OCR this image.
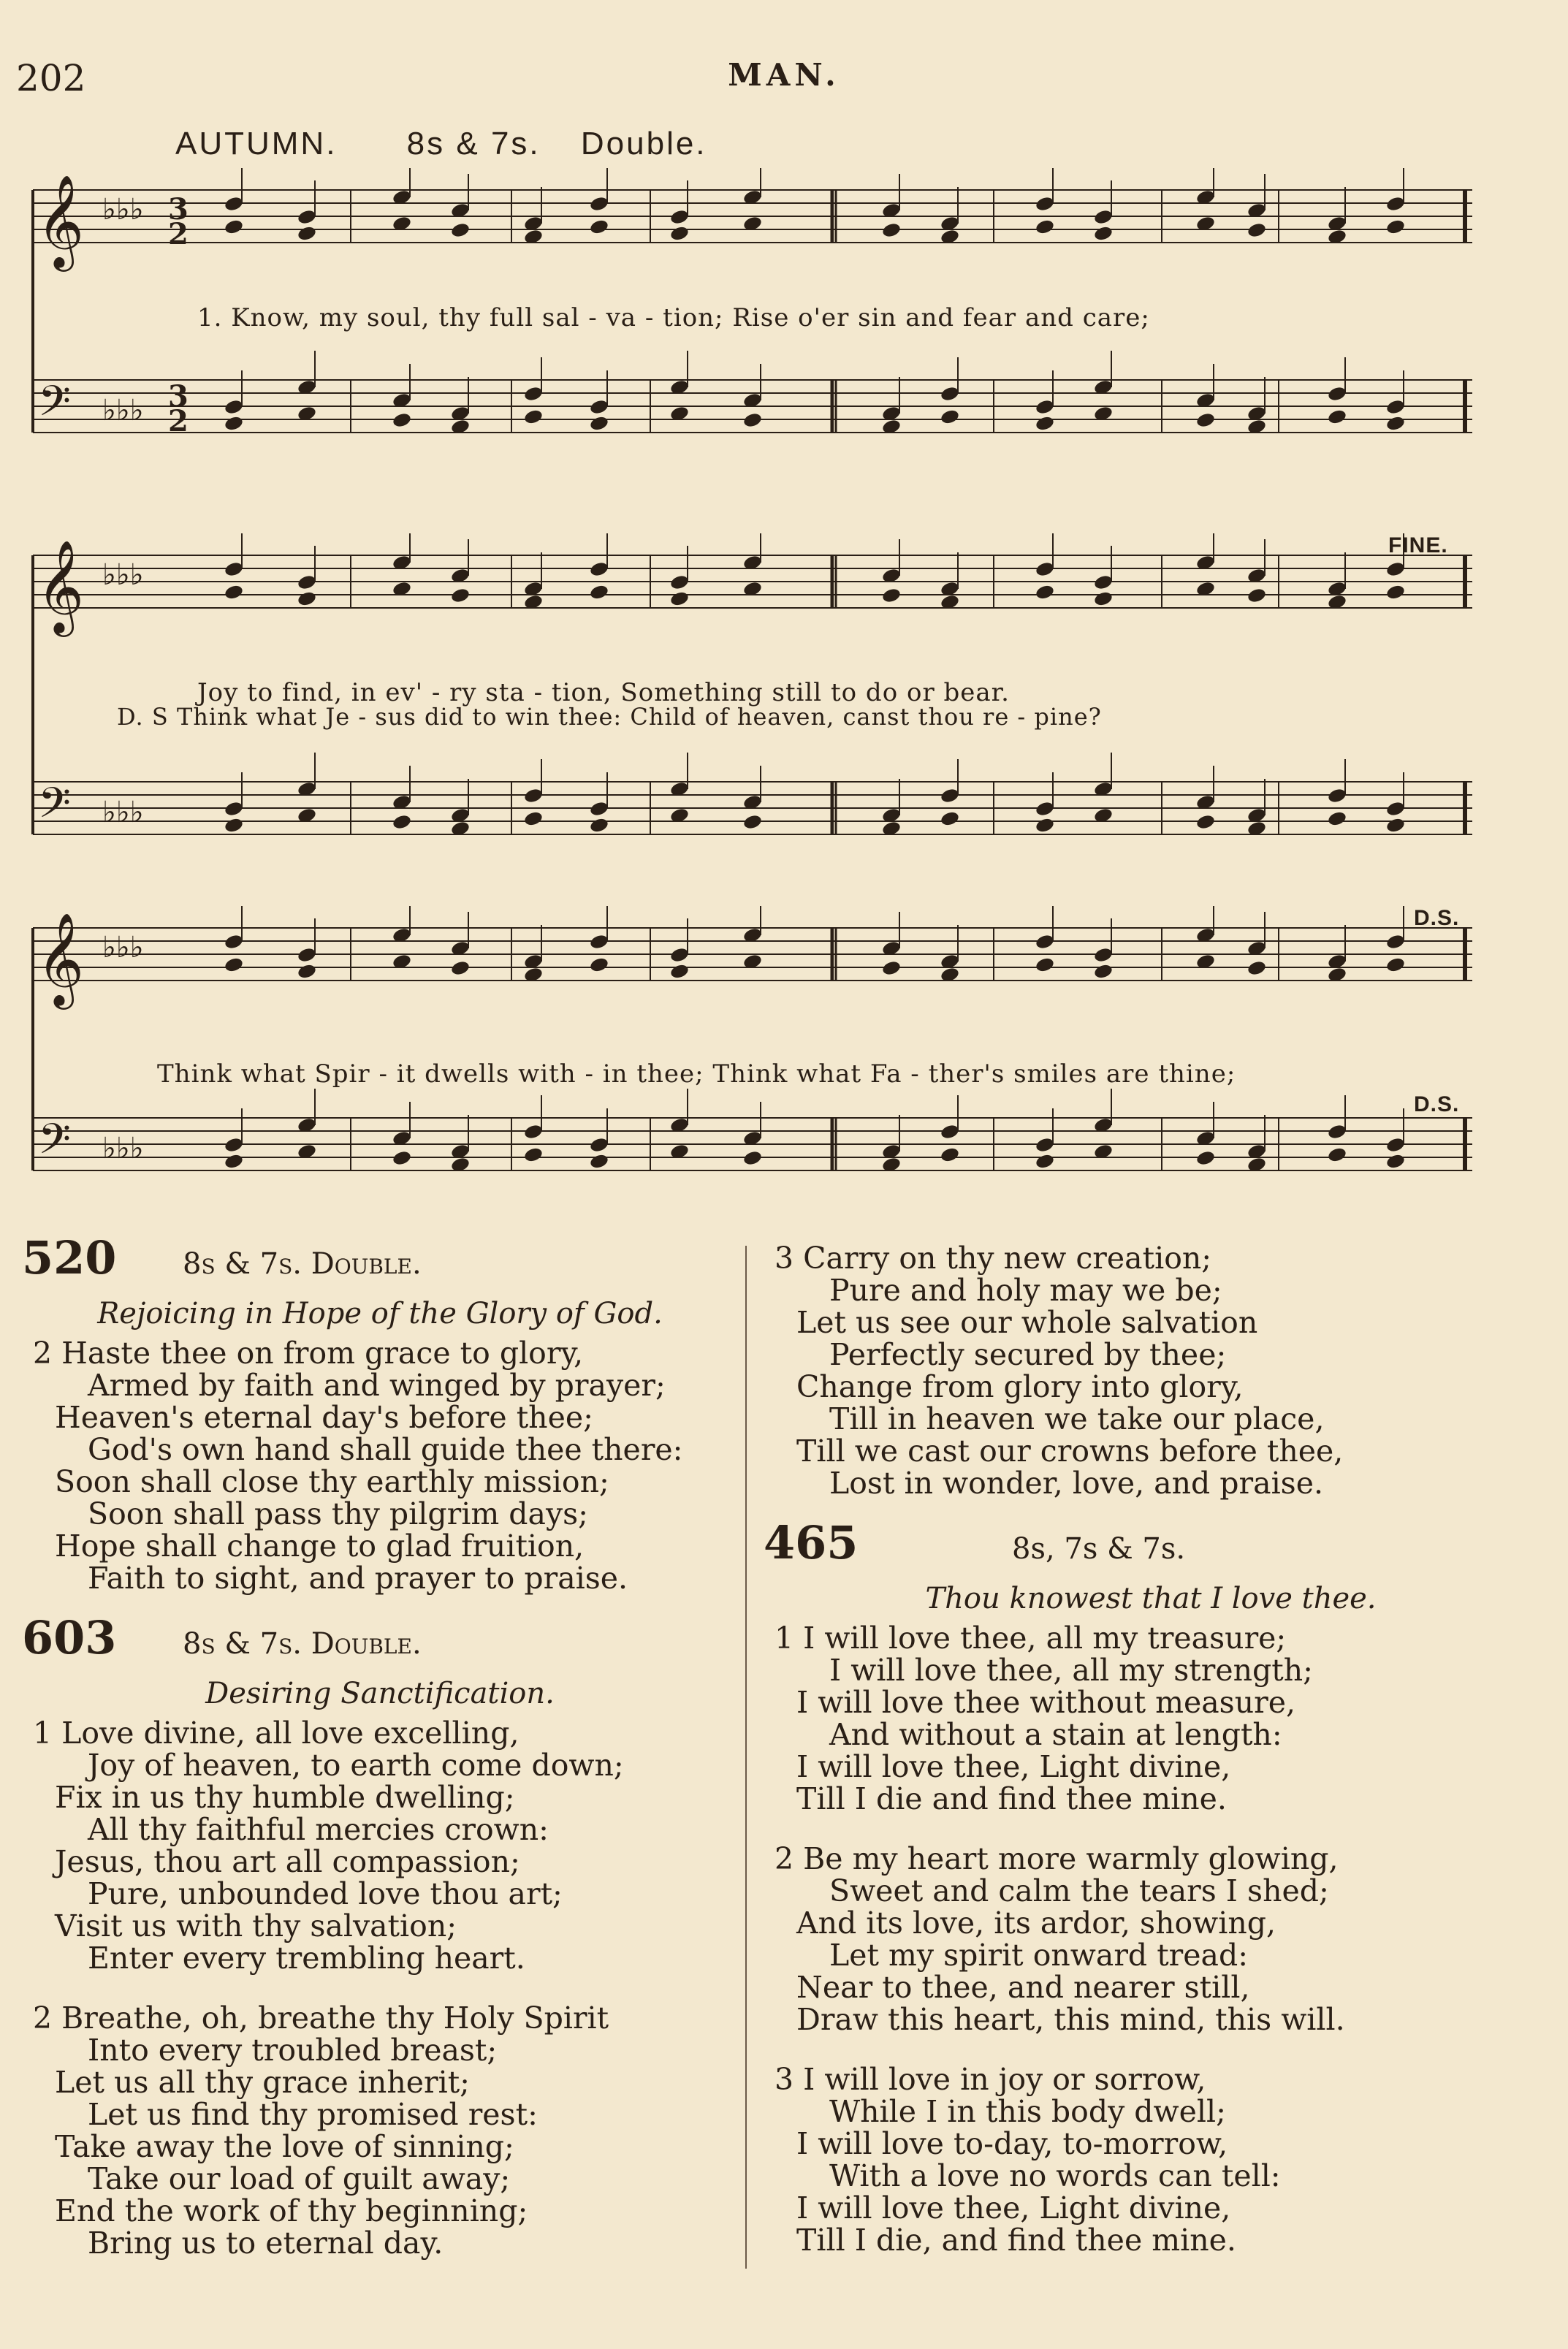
202	MAN.
AUTUMN. 8s & 7s. Double.
𝄞 ♭♭♭ 3
2
𝄢 ♭♭♭ 3
2
1. Know, my soul, thy full sal - va - tion; Rise o'er sin and fear and care;
𝄞 ♭♭♭
𝄢 ♭♭♭
Joy to find, in ev' - ry sta - tion, Something still to do or bear.
D. S Think what Je - sus did to win thee: Child of heaven, canst thou re - pine?
FINE.
𝄞 ♭♭♭
𝄢 ♭♭♭
Think what Spir - it dwells with - in thee; Think what Fa - ther's smiles are thine;
D.S.
D.S.
520	8s & 7s. Double.
Rejoicing in Hope of the Glory of God.
2 Haste thee on from grace to glory,
Armed by faith and winged by prayer;
Heaven's eternal day's before thee;
God's own hand shall guide thee there:
Soon shall close thy earthly mission;
Soon shall pass thy pilgrim days;
Hope shall change to glad fruition,
Faith to sight, and prayer to praise.
603	8s & 7s. Double.
Desiring Sanctification.
1 Love divine, all love excelling,
Joy of heaven, to earth come down;
Fix in us thy humble dwelling;
All thy faithful mercies crown:
Jesus, thou art all compassion;
Pure, unbounded love thou art;
Visit us with thy salvation;
Enter every trembling heart.
2 Breathe, oh, breathe thy Holy Spirit
Into every troubled breast;
Let us all thy grace inherit;
Let us find thy promised rest:
Take away the love of sinning;
Take our load of guilt away;
End the work of thy beginning;
Bring us to eternal day.
3 Carry on thy new creation;
Pure and holy may we be;
Let us see our whole salvation
Perfectly secured by thee;
Change from glory into glory,
Till in heaven we take our place,
Till we cast our crowns before thee,
Lost in wonder, love, and praise.
465	8s, 7s & 7s.
Thou knowest that I love thee.
1 I will love thee, all my treasure;
I will love thee, all my strength;
I will love thee without measure,
And without a stain at length:
I will love thee, Light divine,
Till I die and find thee mine.
2 Be my heart more warmly glowing,
Sweet and calm the tears I shed;
And its love, its ardor, showing,
Let my spirit onward tread:
Near to thee, and nearer still,
Draw this heart, this mind, this will.
3 I will love in joy or sorrow,
While I in this body dwell;
I will love to-day, to-morrow,
With a love no words can tell:
I will love thee, Light divine,
Till I die, and find thee mine.
